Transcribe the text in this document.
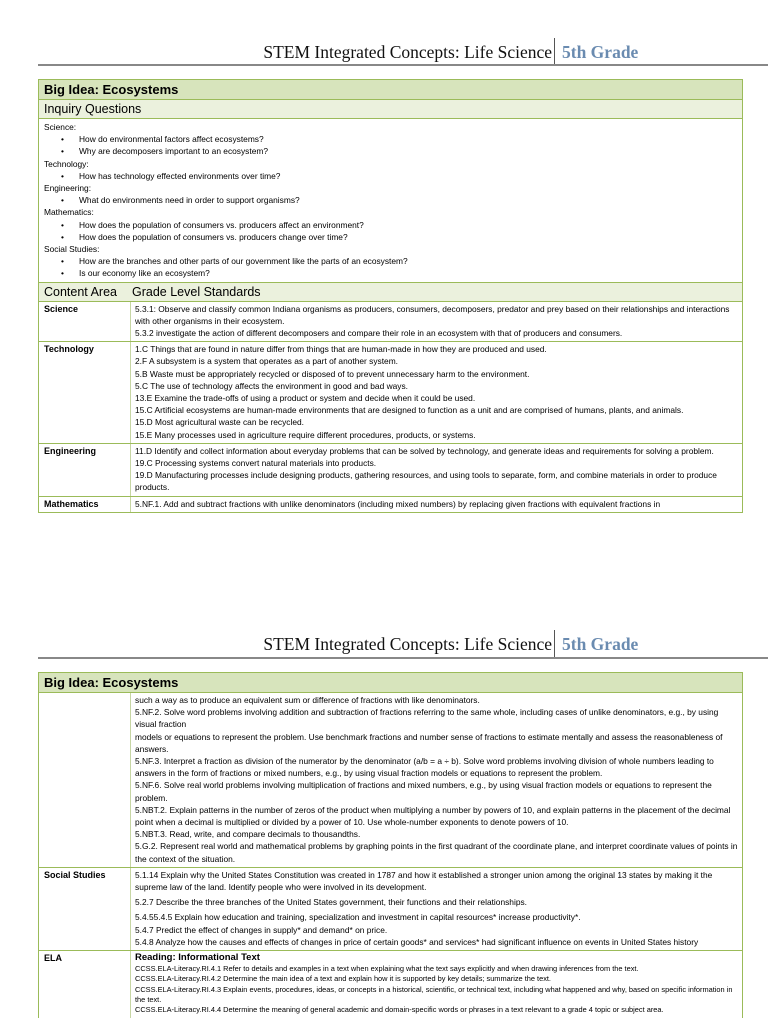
STEM Integrated Concepts: Life Science 5th Grade
Big Idea: Ecosystems
Inquiry Questions
Science:
• How do environmental factors affect ecosystems?
• Why are decomposers important to an ecosystem?
Technology:
• How has technology effected environments over time?
Engineering:
• What do environments need in order to support organisms?
Mathematics:
• How does the population of consumers vs. producers affect an environment?
• How does the population of consumers vs. producers change over time?
Social Studies:
• How are the branches and other parts of our government like the parts of an ecosystem?
• Is our economy like an ecosystem?
Content Area	Grade Level Standards
Science	5.3.1: Observe and classify common Indiana organisms as producers, consumers, decomposers, predator and prey based on their relationships and interactions with other organisms in their ecosystem.

5.3.2 investigate the action of different decomposers and compare their role in an ecosystem with that of producers and consumers.

Technology	1.C Things that are found in nature differ from things that are human-made in how they are produced and used.

2.F A subsystem is a system that operates as a part of another system.

5.B Waste must be appropriately recycled or disposed of to prevent unnecessary harm to the environment.

5.C The use of technology affects the environment in good and bad ways.

13.E Examine the trade-offs of using a product or system and decide when it could be used.

15.C Artificial ecosystems are human-made environments that are designed to function as a unit and are comprised of humans, plants, and animals.

15.D Most agricultural waste can be recycled.

15.E Many processes used in agriculture require different procedures, products, or systems.

Engineering	11.D Identify and collect information about everyday problems that can be solved by technology, and generate ideas and requirements for solving a problem.

19.C Processing systems convert natural materials into products.

19.D Manufacturing processes include designing products, gathering resources, and using tools to separate, form, and combine materials in order to produce products.

Mathematics	5.NF.1. Add and subtract fractions with unlike denominators (including mixed numbers) by replacing given fractions with equivalent fractions in

STEM Integrated Concepts: Life Science 5th Grade
Big Idea: Ecosystems

such a way as to produce an equivalent sum or difference of fractions with like denominators.

5.NF.2. Solve word problems involving addition and subtraction of fractions referring to the same whole, including cases of unlike denominators, e.g., by using visual fraction

models or equations to represent the problem. Use benchmark fractions and number sense of fractions to estimate mentally and assess the reasonableness of answers.

5.NF.3. Interpret a fraction as division of the numerator by the denominator (a/b = a ÷ b). Solve word problems involving division of whole numbers leading to answers in the form of fractions or mixed numbers, e.g., by using visual fraction models or equations to represent the problem.

5.NF.6. Solve real world problems involving multiplication of fractions and mixed numbers, e.g., by using visual fraction models or equations to represent the problem.

5.NBT.2. Explain patterns in the number of zeros of the product when multiplying a number by powers of 10, and explain patterns in the placement of the decimal point when a decimal is multiplied or divided by a power of 10. Use whole-number exponents to denote powers of 10.

5.NBT.3. Read, write, and compare decimals to thousandths.

5.G.2. Represent real world and mathematical problems by graphing points in the first quadrant of the coordinate plane, and interpret coordinate values of points in the context of the situation.

Social Studies	5.1.14 Explain why the United States Constitution was created in 1787 and how it established a stronger union among the original 13 states by making it the supreme law of the land. Identify people who were involved in its development.

5.2.7 Describe the three branches of the United States government, their functions and their relationships.

5.4.55.4.5 Explain how education and training, specialization and investment in capital resources* increase productivity*.

5.4.7 Predict the effect of changes in supply* and demand* on price.

5.4.8 Analyze how the causes and effects of changes in price of certain goods* and services* had significant influence on events in United States history

ELA	Reading: Informational Text

CCSS.ELA-Literacy.RI.4.1 Refer to details and examples in a text when explaining what the text says explicitly and when drawing inferences from the text.

CCSS.ELA-Literacy.RI.4.2 Determine the main idea of a text and explain how it is supported by key details; summarize the text.

CCSS.ELA-Literacy.RI.4.3 Explain events, procedures, ideas, or concepts in a historical, scientific, or technical text, including what happened and why, based on specific information in the text.

CCSS.ELA-Literacy.RI.4.4 Determine the meaning of general academic and domain-specific words or phrases in a text relevant to a grade 4 topic or subject area.
